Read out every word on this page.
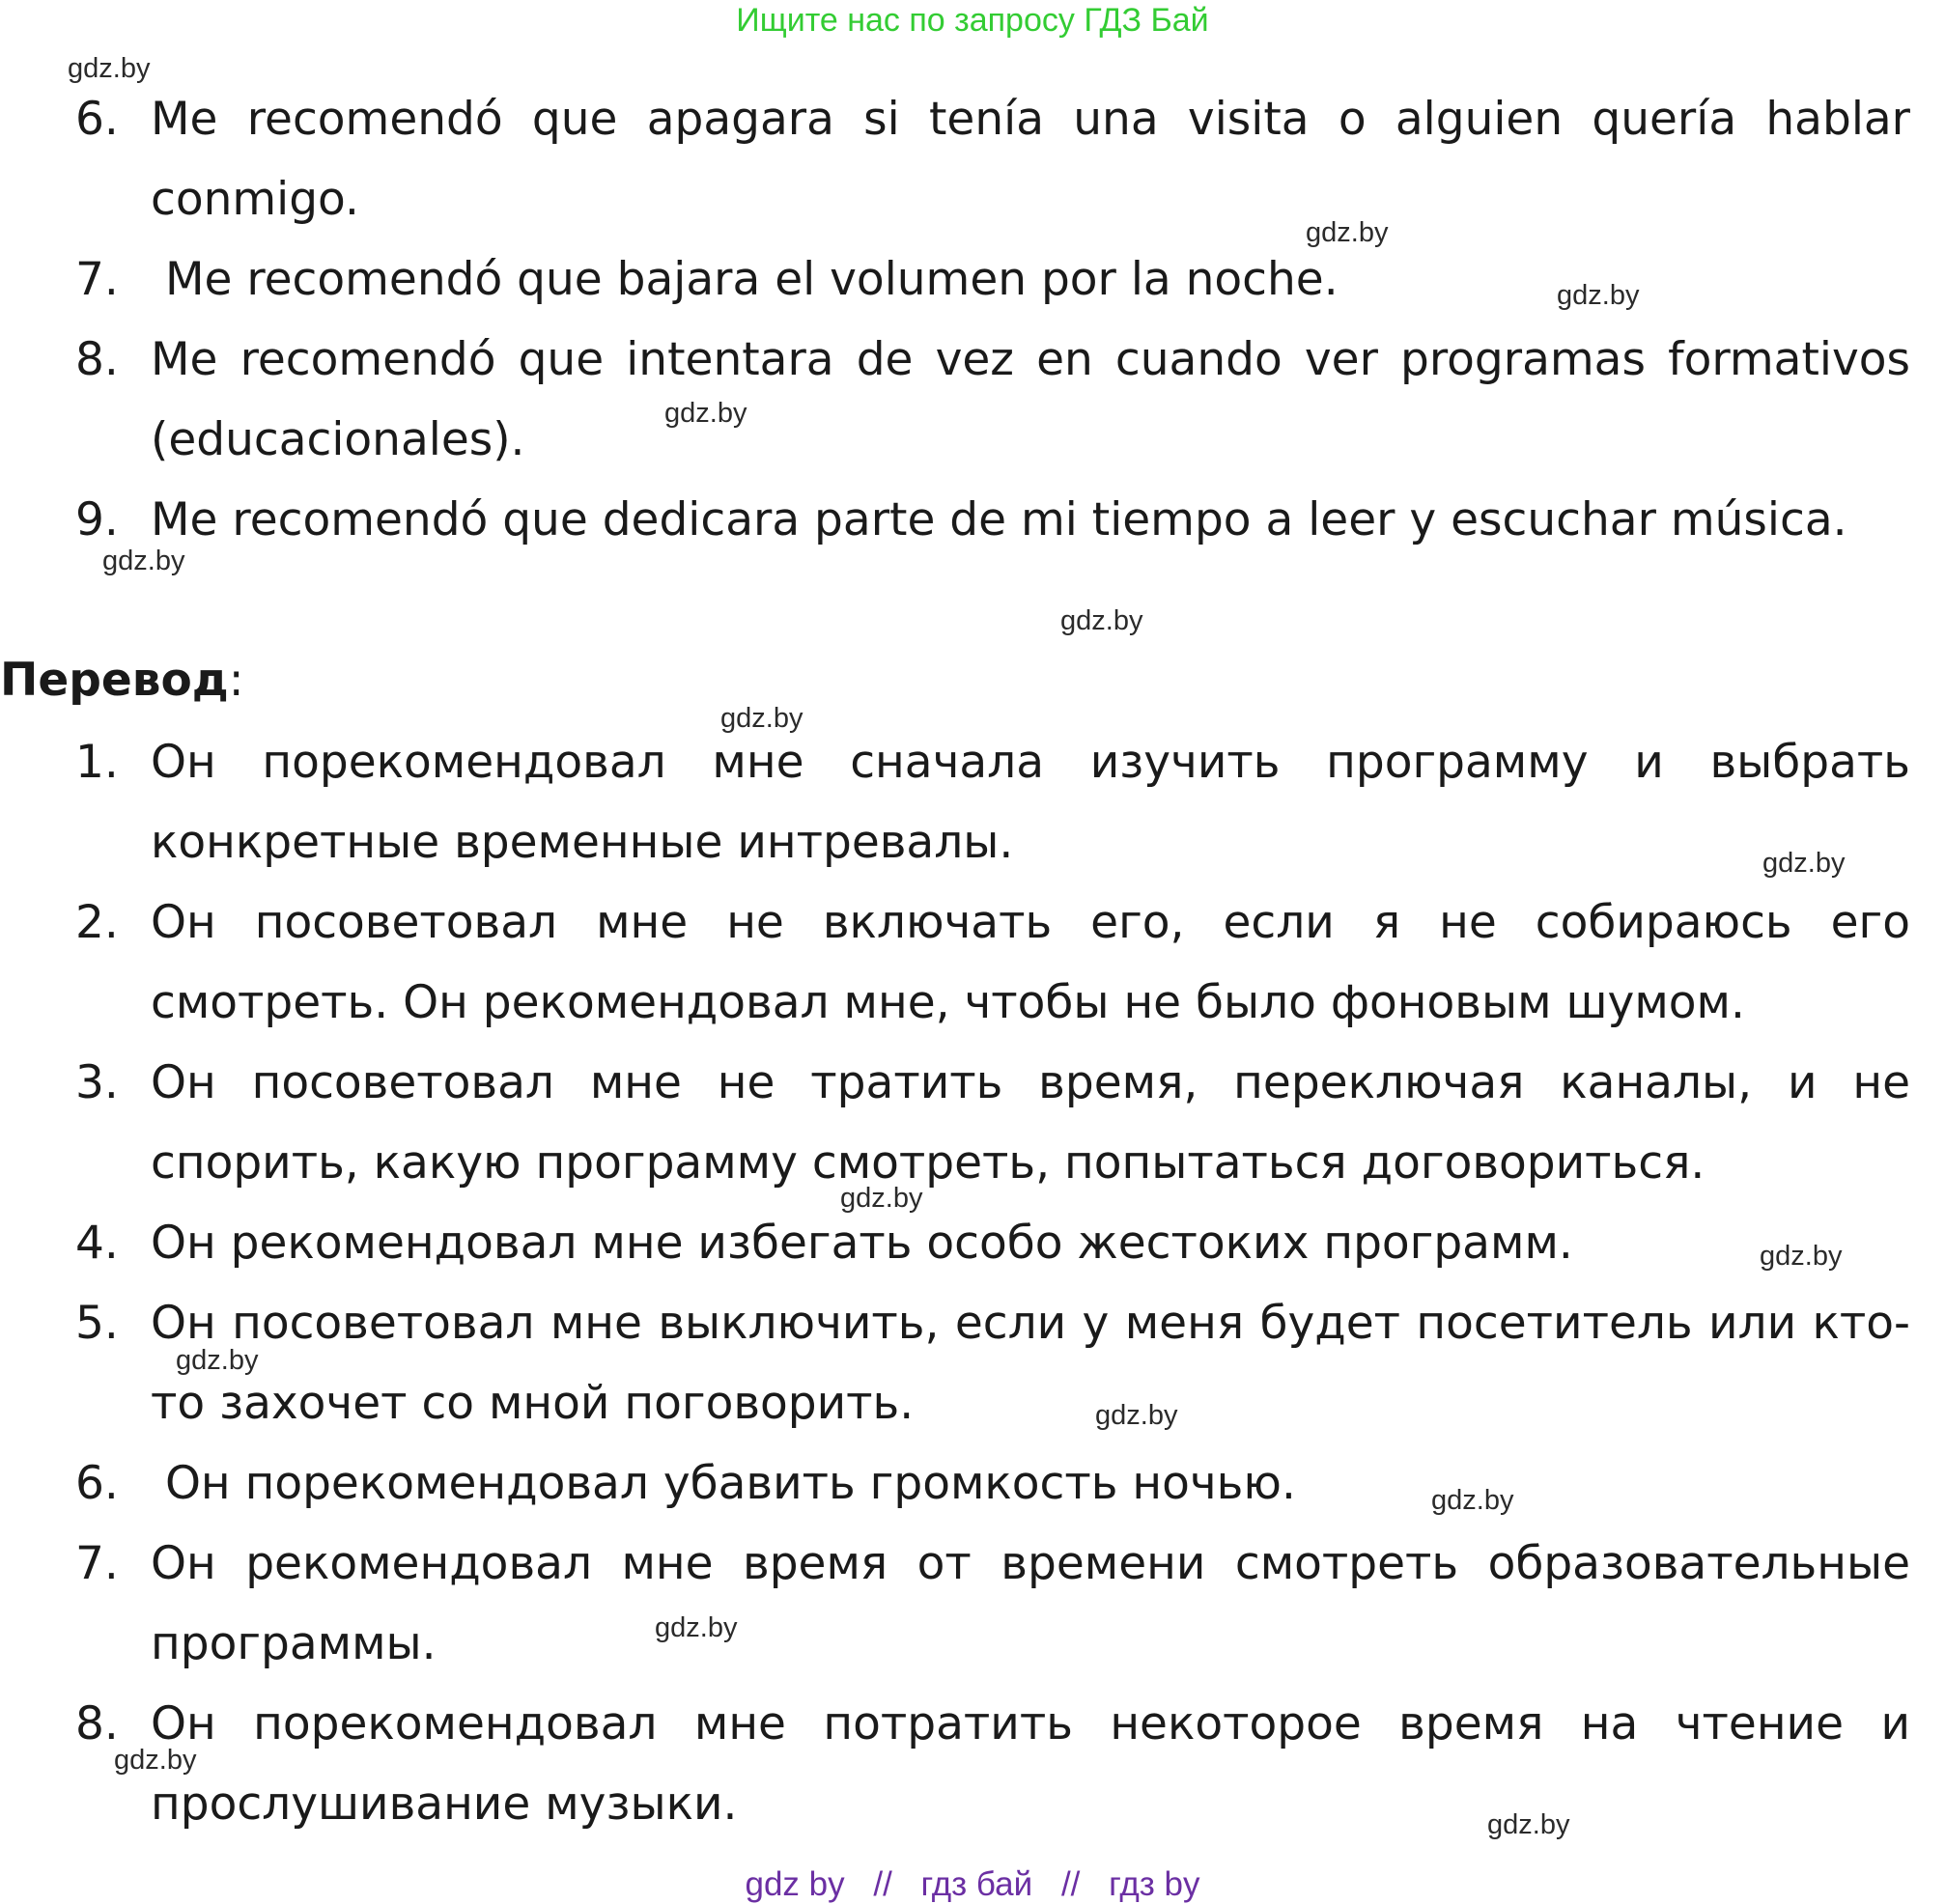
Ищите нас по запросу ГДЗ Бай
gdz.by
gdz.by
gdz.by
gdz.by
gdz.by
gdz.by
gdz.by
gdz.by
gdz.by
gdz.by
gdz.by
gdz.by
gdz.by
gdz.by
gdz.by
gdz.by
6. Me recomendó que apagara si tenía una visita o alguien quería hablar conmigo.
7. Me recomendó que bajara el volumen por la noche.
8. Me recomendó que intentara de vez en cuando ver programas formativos (educacionales).
9. Me recomendó que dedicara parte de mi tiempo a leer y escuchar música.
Перевод:
1. Он порекомендовал мне сначала изучить программу и выбрать конкретные временные интревалы.
2. Он посоветовал мне не включать его, если я не собираюсь его смотреть. Он рекомендовал мне, чтобы не было фоновым шумом.
3. Он посоветовал мне не тратить время, переключая каналы, и не спорить, какую программу смотреть, попытаться договориться.
4. Он рекомендовал мне избегать особо жестоких программ.
5. Он посоветовал мне выключить, если у меня будет посетитель или кто-то захочет со мной поговорить.
6. Он порекомендовал убавить громкость ночью.
7. Он рекомендовал мне время от времени смотреть образовательные программы.
8. Он порекомендовал мне потратить некоторое время на чтение и прослушивание музыки.
gdz by // гдз бай // гдз by
